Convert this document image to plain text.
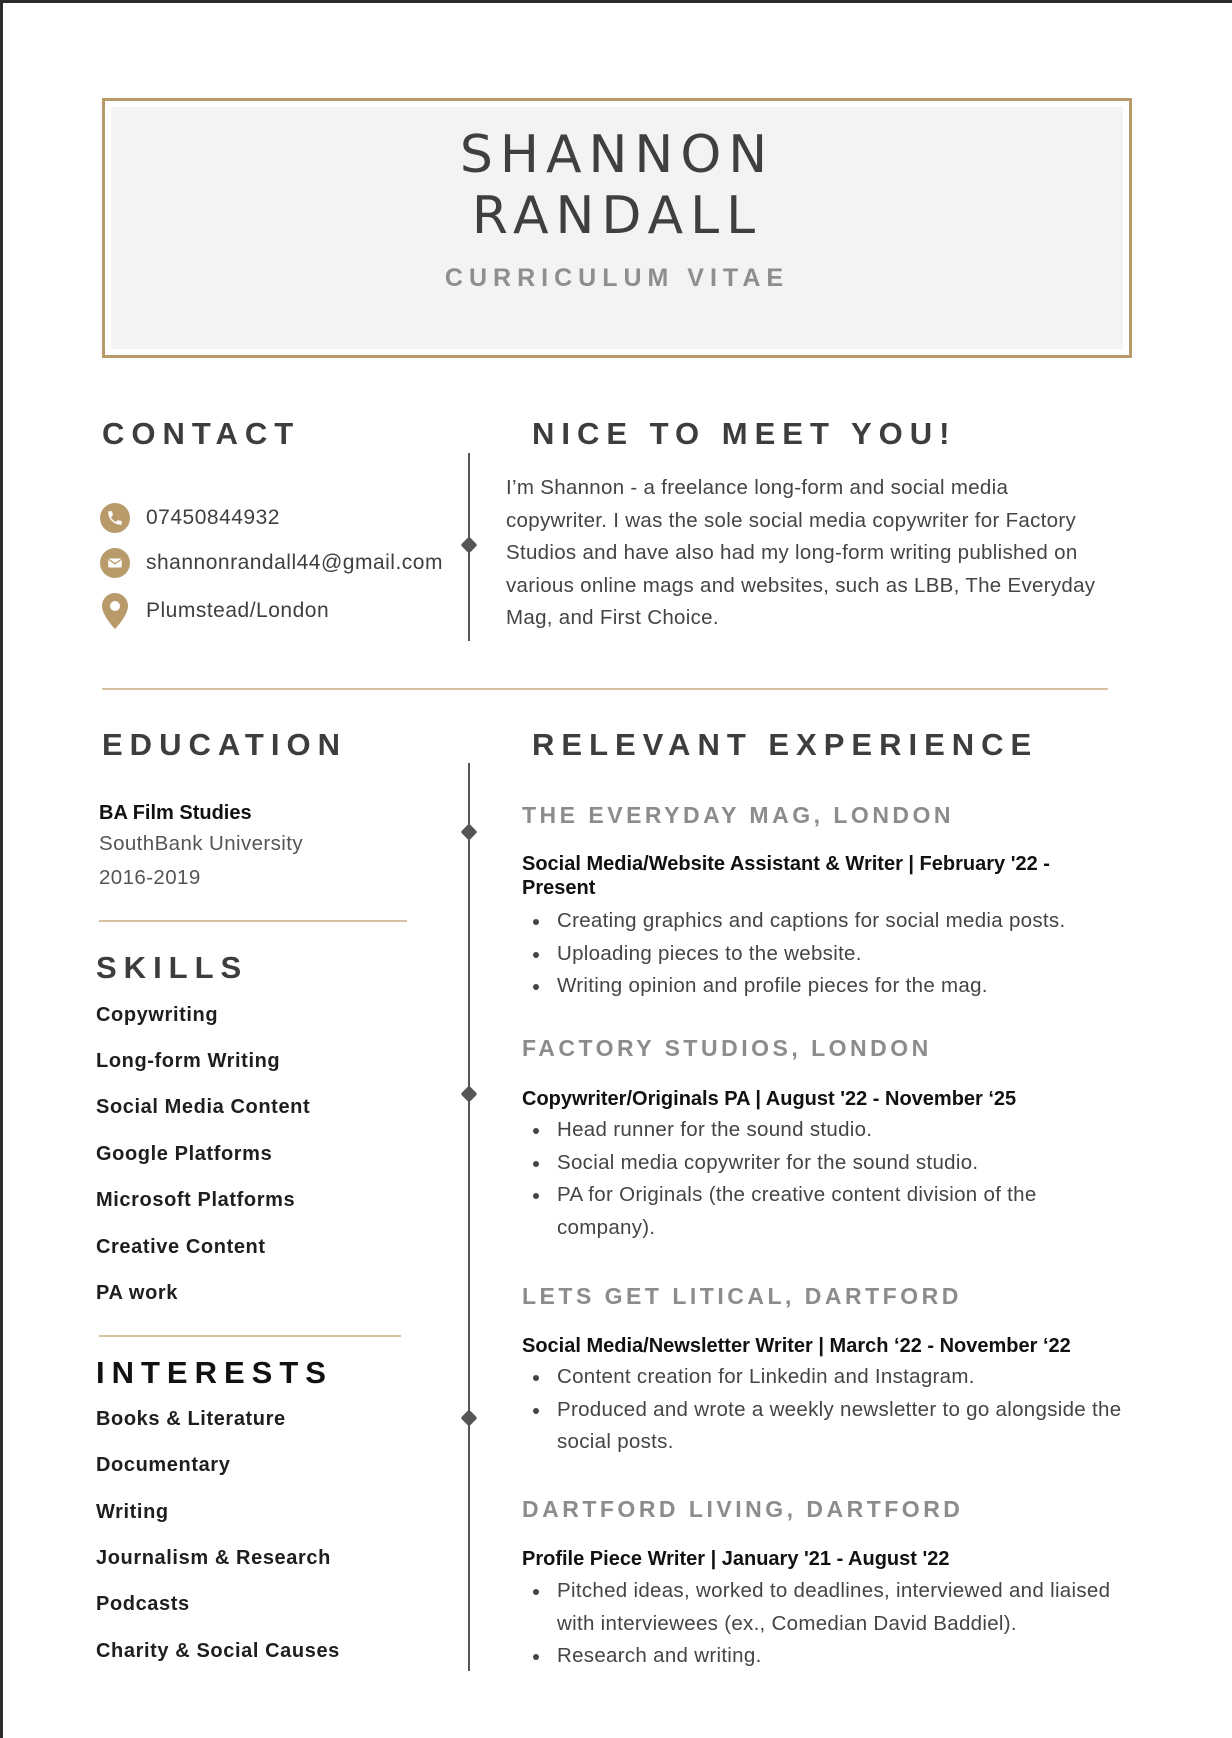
SHANNON
RANDALL
CURRICULUM VITAE
CONTACT
07450844932
shannonrandall44@gmail.com
Plumstead/London
NICE TO MEET YOU!
I’m Shannon - a freelance long-form and social media copywriter. I was the sole social media copywriter for Factory Studios and have also had my long-form writing published on various online mags and websites, such as LBB, The Everyday Mag, and First Choice.
EDUCATION
BA Film Studies
SouthBank University
2016-2019
SKILLS
Copywriting
Long-form Writing
Social Media Content
Google Platforms
Microsoft Platforms
Creative Content
PA work
INTERESTS
Books & Literature
Documentary
Writing
Journalism & Research
Podcasts
Charity & Social Causes
RELEVANT EXPERIENCE
THE EVERYDAY MAG, LONDON
Social Media/Website Assistant & Writer | February '22 - Present
Creating graphics and captions for social media posts.
Uploading pieces to the website.
Writing opinion and profile pieces for the mag.
FACTORY STUDIOS, LONDON
Copywriter/Originals PA | August '22 - November ‘25
Head runner for the sound studio.
Social media copywriter for the sound studio.
PA for Originals (the creative content division of the company).
LETS GET LITICAL, DARTFORD
Social Media/Newsletter Writer | March ‘22 - November ‘22
Content creation for Linkedin and Instagram.
Produced and wrote a weekly newsletter to go alongside the social posts.
DARTFORD LIVING, DARTFORD
Profile Piece Writer | January '21 - August '22
Pitched ideas, worked to deadlines, interviewed and liaised with interviewees (ex., Comedian David Baddiel).
Research and writing.
